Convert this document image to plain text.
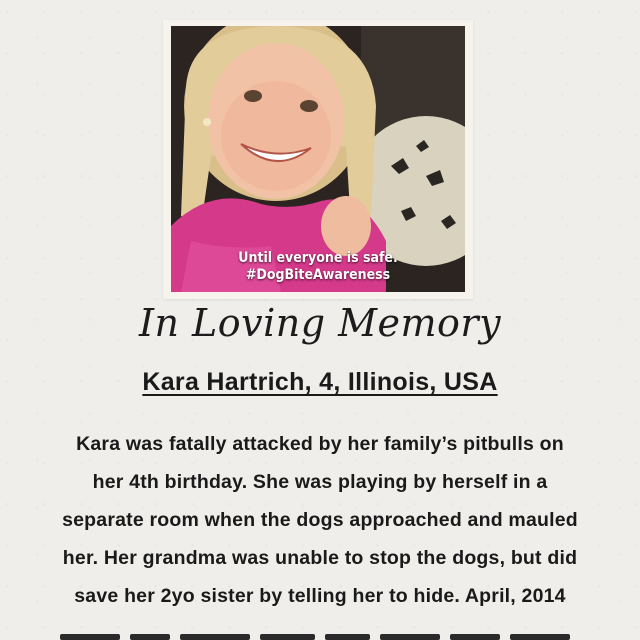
Until everyone is safe.
#DogBiteAwareness
In Loving Memory
Kara Hartrich, 4, Illinois, USA
Kara was fatally attacked by her family’s pitbulls on
her 4th birthday. She was playing by herself in a
separate room when the dogs approached and mauled
her. Her grandma was unable to stop the dogs, but did
save her 2yo sister by telling her to hide. April, 2014
